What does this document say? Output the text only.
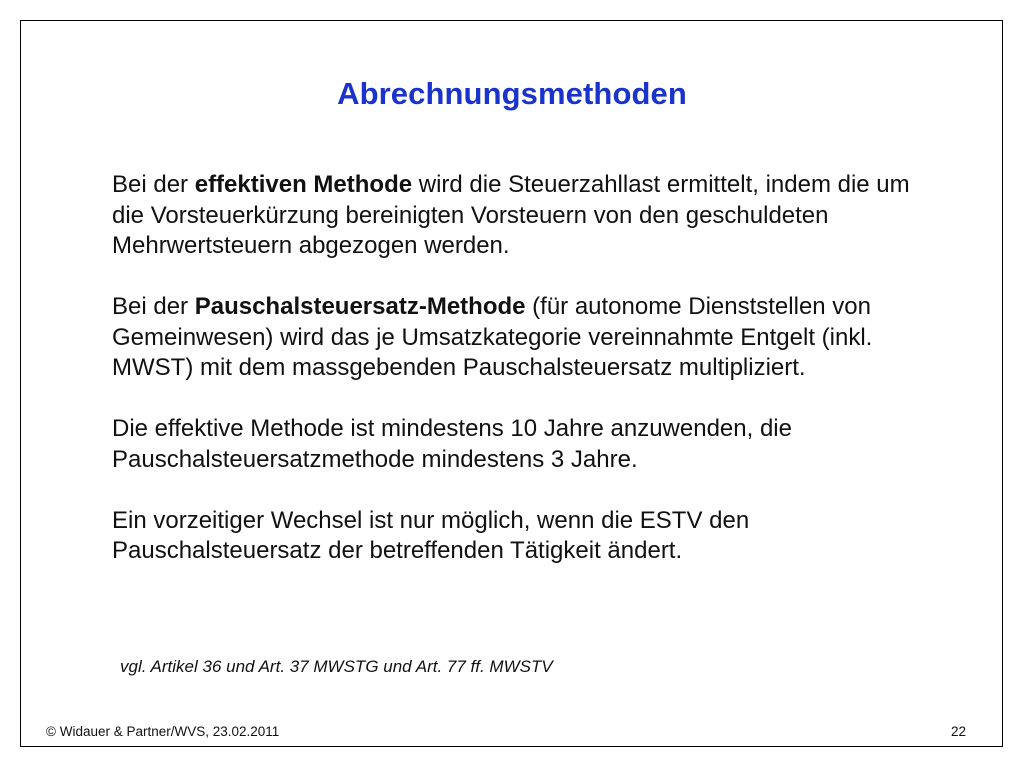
Abrechnungsmethoden

Bei der effektiven Methode wird die Steuerzahllast ermittelt, indem die um die Vorsteuerkürzung bereinigten Vorsteuern von den geschuldeten Mehrwertsteuern abgezogen werden.

Bei der Pauschalsteuersatz-Methode (für autonome Dienststellen von Gemeinwesen) wird das je Umsatzkategorie vereinnahmte Entgelt (inkl. MWST) mit dem massgebenden Pauschalsteuersatz multipliziert.

Die effektive Methode ist mindestens 10 Jahre anzuwenden, die Pauschalsteuersatzmethode mindestens 3 Jahre.

Ein vorzeitiger Wechsel ist nur möglich, wenn die ESTV den Pauschalsteuersatz der betreffenden Tätigkeit ändert.

vgl. Artikel 36 und Art. 37 MWSTG und Art. 77 ff. MWSTV
© Widauer & Partner/WVS, 23.02.2011	22
